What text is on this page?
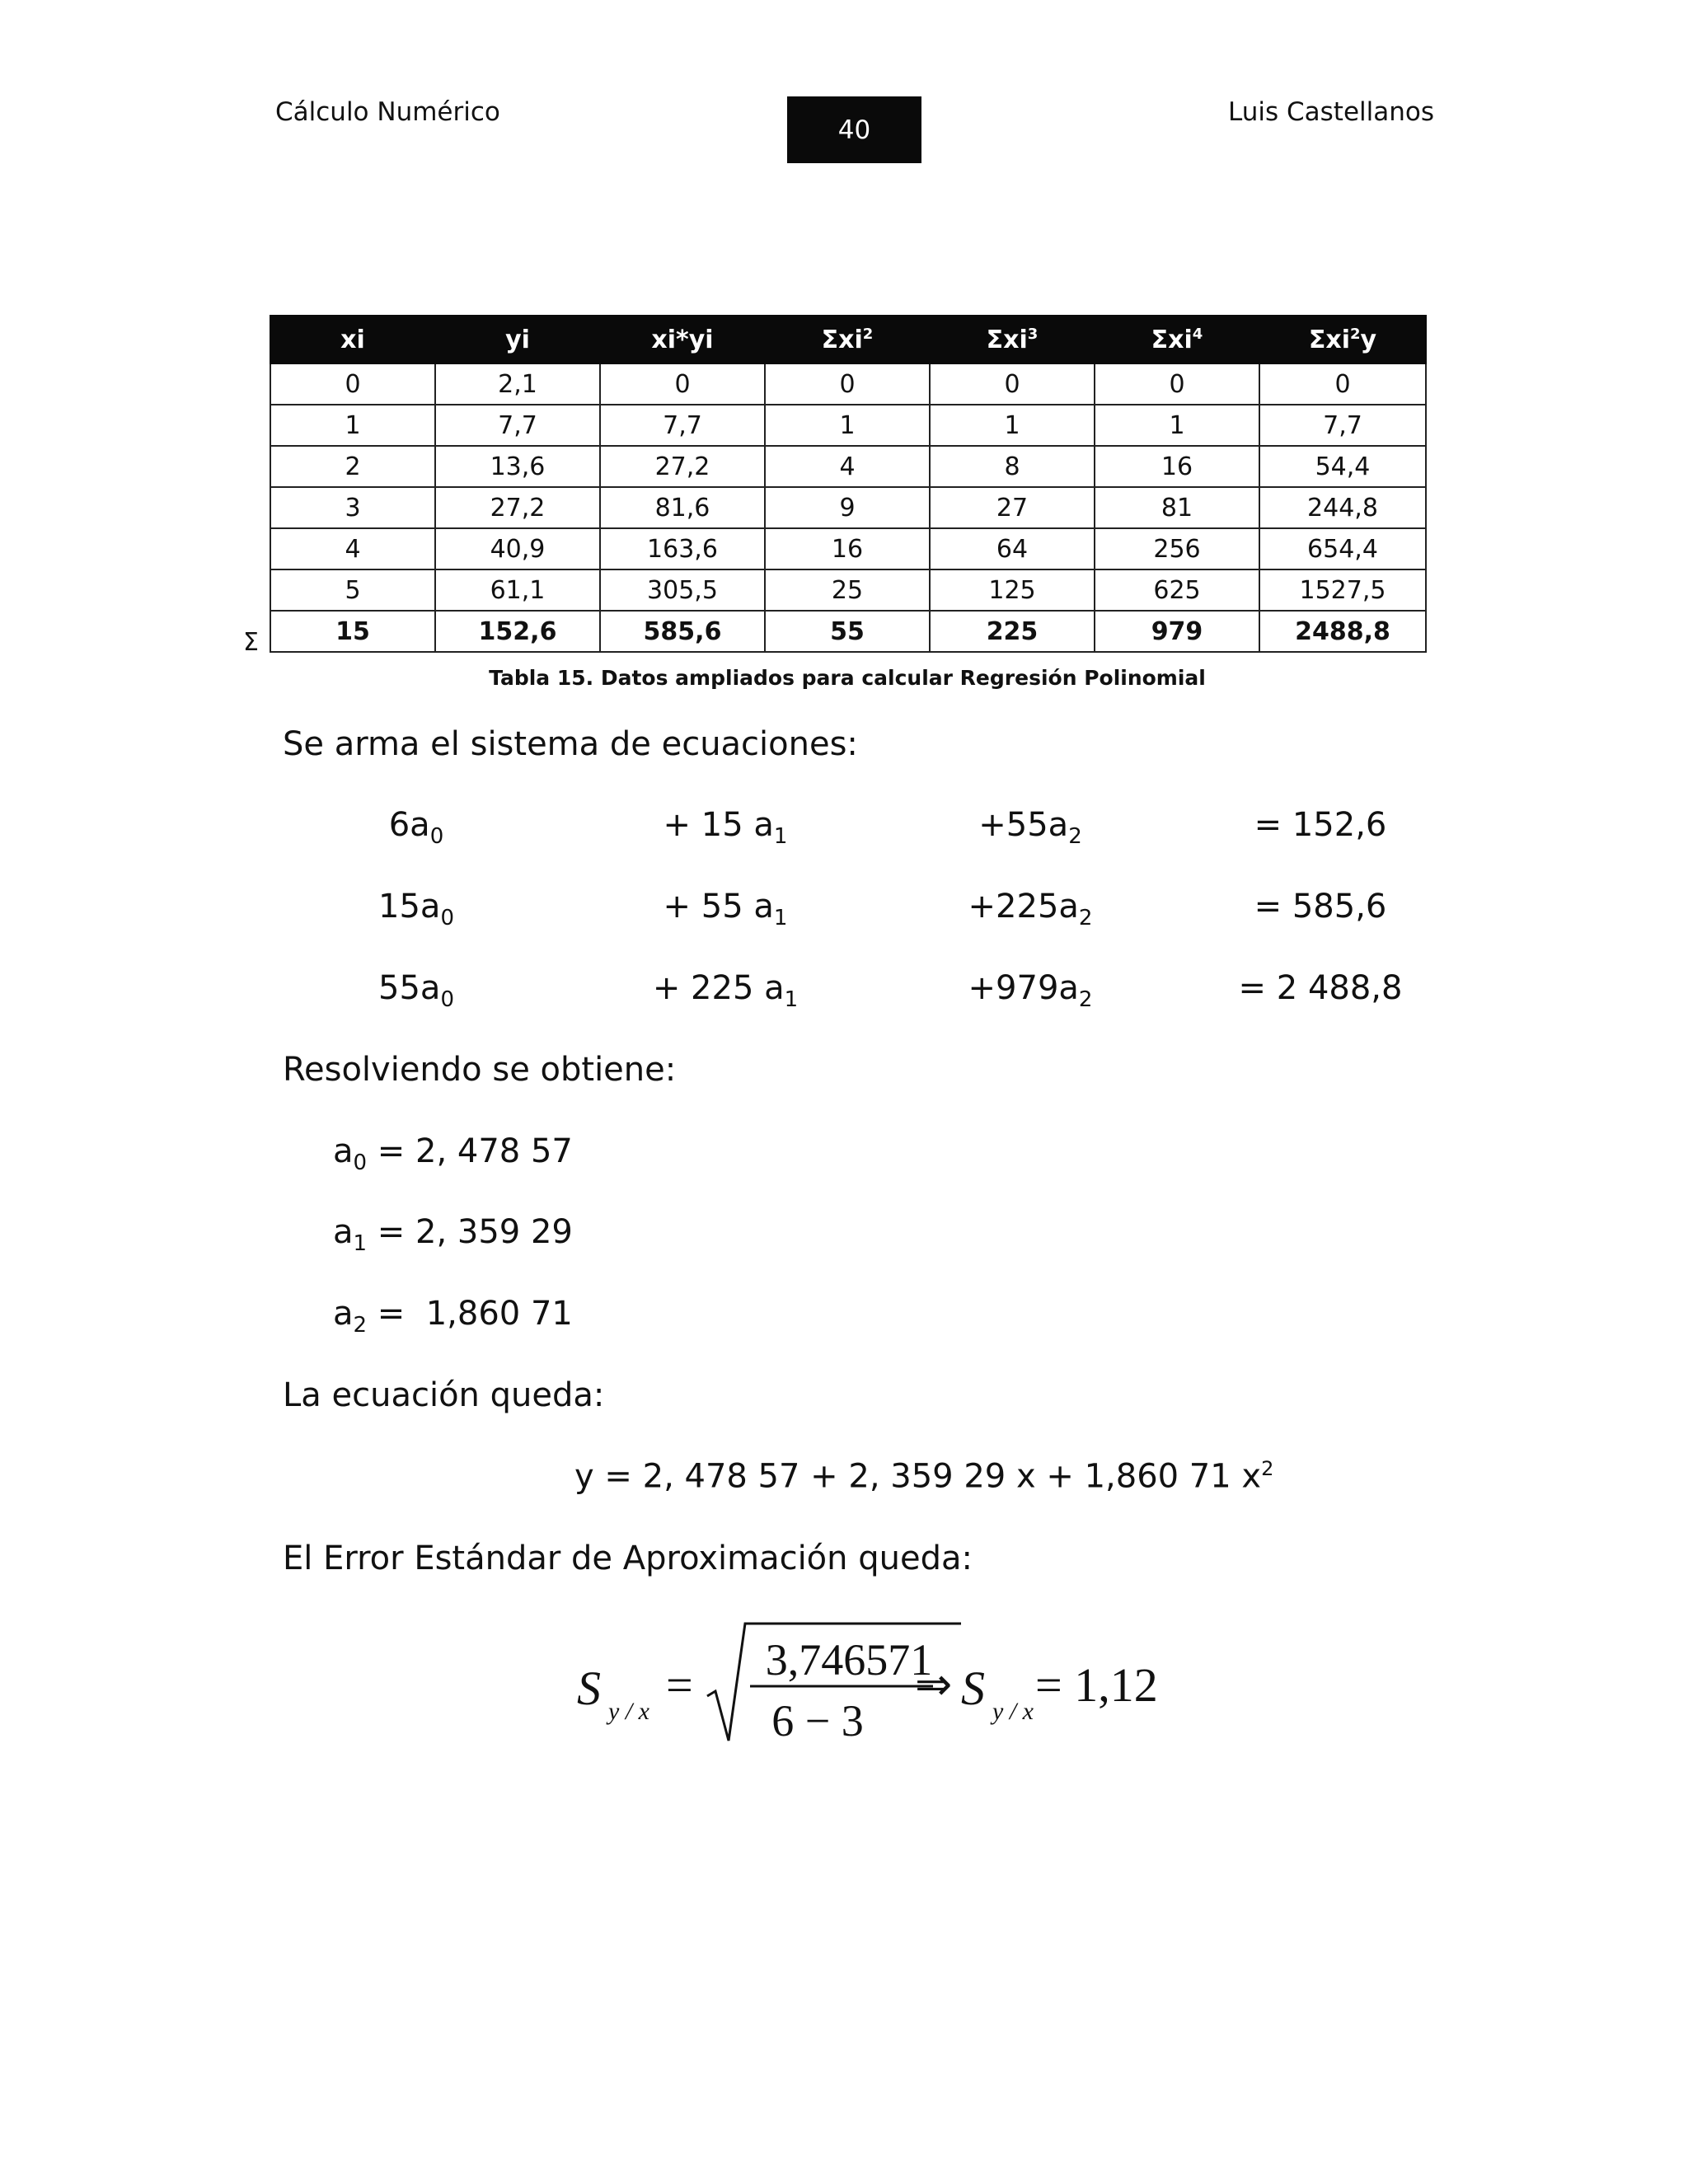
Cálculo Numérico
40
Luis Castellanos
xi	yi	xi*yi	Σxi$^2$	Σxi$^3$	Σxi$^4$	Σxi$^2$y
0	2,1	0	0	0	0	0
1	7,7	7,7	1	1	1	7,7
2	13,6	27,2	4	8	16	54,4
3	27,2	81,6	9	27	81	244,8
4	40,9	163,6	16	64	256	654,4
5	61,1	305,5	25	125	625	1527,5
15	152,6	585,6	55	225	979	2488,8
Σ
Tabla 15. Datos ampliados para calcular Regresión Polinomial
Se arma el sistema de ecuaciones:
$6a_0$	+ 15 $a_1$	$+55a_2$	= 152,6
$15a_0$	+ 55 $a_1$	$+225a_2$	= 585,6
$55a_0$	+ 225 $a_1$	$+979a_2$	= 2 488,8
Resolviendo se obtiene:
$a_0 = 2$, 478 57
$a_1 = 2$, 359 29
$a_2 = 1,860$ 71
La ecuación queda:
y = 2, 478 57 + 2, 359 29 x + 1,860 71 $x^2$
El Error Estándar de Aproximación queda:
S y / x = 3,746571
6 − 3
⇒ S y / x = 1,12
